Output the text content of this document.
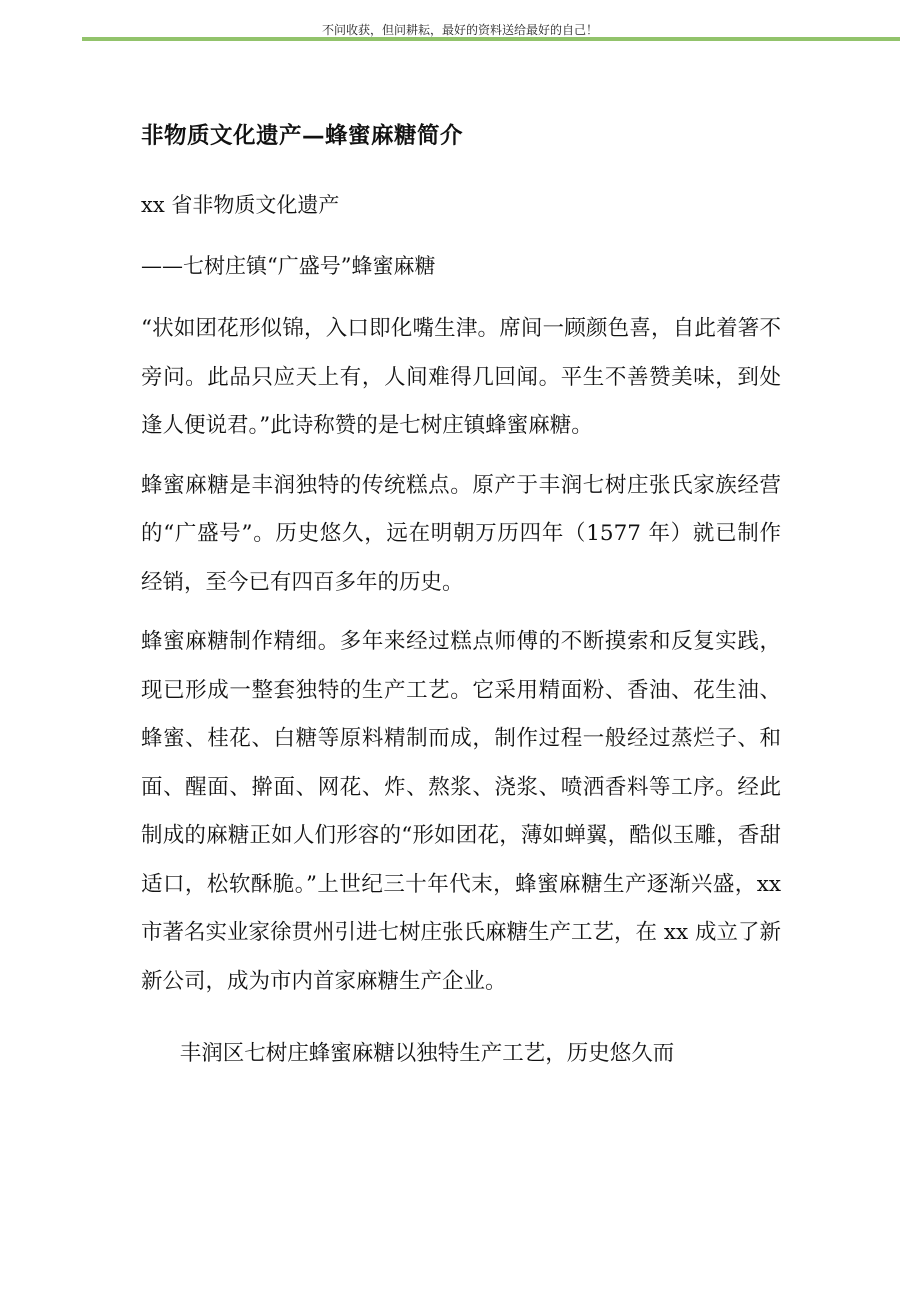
不问收获，但问耕耘，最好的资料送给最好的自己！
非物质文化遗产—蜂蜜麻糖简介
xx 省非物质文化遗产
——七树庄镇“广盛号”蜂蜜麻糖

“状如团花形似锦，入口即化嘴生津。席间一顾颜色喜，自此着箸不旁问。此品只应天上有，人间难得几回闻。平生不善赞美味，到处逢人便说君。”此诗称赞的是七树庄镇蜂蜜麻糖。

蜂蜜麻糖是丰润独特的传统糕点。原产于丰润七树庄张氏家族经营的“广盛号”。历史悠久，远在明朝万历四年（1577 年）就已制作经销，至今已有四百多年的历史。

蜂蜜麻糖制作精细。多年来经过糕点师傅的不断摸索和反复实践，现已形成一整套独特的生产工艺。它采用精面粉、香油、花生油、蜂蜜、桂花、白糖等原料精制而成，制作过程一般经过蒸烂子、和面、醒面、擀面、网花、炸、熬浆、浇浆、喷洒香料等工序。经此制成的麻糖正如人们形容的“形如团花，薄如蝉翼，酷似玉雕，香甜适口，松软酥脆。”上世纪三十年代末，蜂蜜麻糖生产逐渐兴盛，xx 市著名实业家徐贯州引进七树庄张氏麻糖生产工艺，在 xx 成立了新新公司，成为市内首家麻糖生产企业。

丰润区七树庄蜂蜜麻糖以独特生产工艺，历史悠久而
